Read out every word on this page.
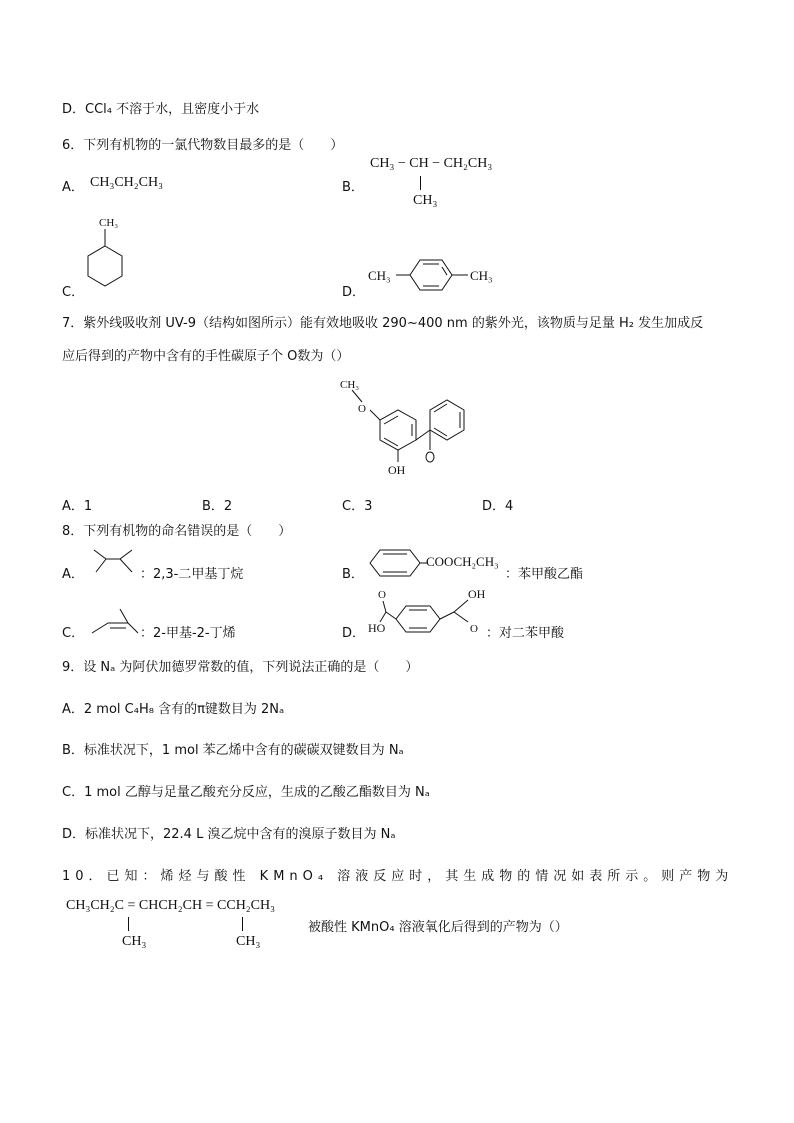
D．CCl₄ 不溶于水，且密度小于水
6．下列有机物的一氯代物数目最多的是（　　）
A． CH₃CH₂CH₃	B．
CH₃ − CH − CH₂CH₃
CH₃
C．
CH₃
D．
CH₃	CH₃
7．紫外线吸收剂 UV-9（结构如图所示）能有效地吸收 290~400 nm 的紫外光，该物质与足量 H₂ 发生加成反
应后得到的产物中含有的手性碳原子个 O数为（）
CH₃
O
OH
A．1	B．2	C．3	D．4
8．下列有机物的命名错误的是（　　）
A．	：2,3-二甲基丁烷	B．
COOCH₂CH₃
：苯甲酸乙酯
C．	：2-甲基-2-丁烯	D．
O
HO
OH
O ：对二苯甲酸
9．设 Nₐ 为阿伏加德罗常数的值，下列说法正确的是（　　）
A．2 mol C₄H₈ 含有的π键数目为 2Nₐ
B．标准状况下，1 mol 苯乙烯中含有的碳碳双键数目为 Nₐ
C．1 mol 乙醇与足量乙酸充分反应，生成的乙酸乙酯数目为 Nₐ
D．标准状况下，22.4 L 溴乙烷中含有的溴原子数目为 Nₐ
10．已知：烯烃与酸性 KMnO₄ 溶液反应时，其生成物的情况如表所示。则产物为
CH₃CH₂C = CHCH₂CH = CCH₂CH₃
CH₃	CH₃
被酸性 KMnO₄ 溶液氧化后得到的产物为（）
